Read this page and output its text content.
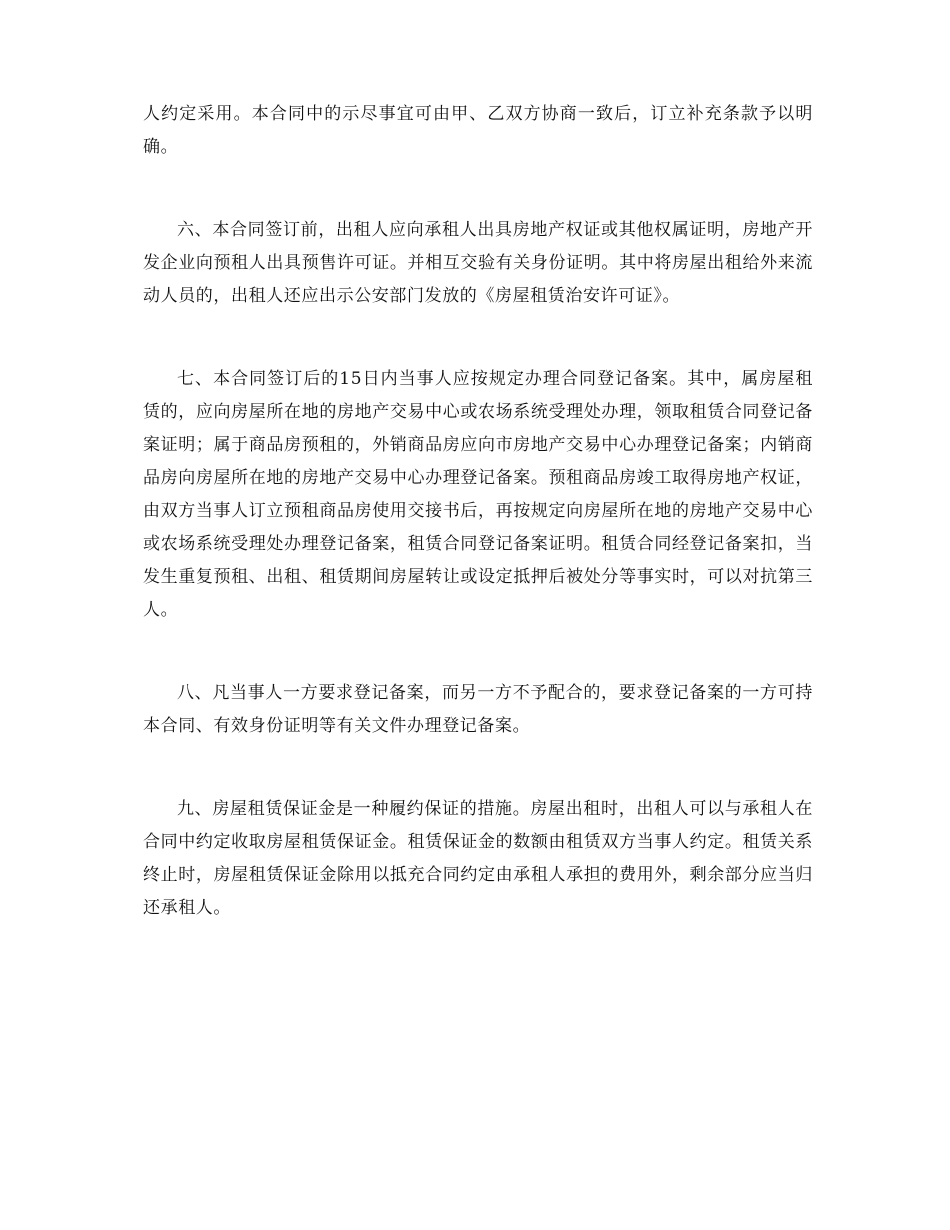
人约定采用。本合同中的示尽事宜可由甲、乙双方协商一致后，订立补充条款予以明确。

六、本合同签订前，出租人应向承租人出具房地产权证或其他权属证明，房地产开发企业向预租人出具预售许可证。并相互交验有关身份证明。其中将房屋出租给外来流动人员的，出租人还应出示公安部门发放的《房屋租赁治安许可证》。

七、本合同签订后的15日内当事人应按规定办理合同登记备案。其中，属房屋租赁的，应向房屋所在地的房地产交易中心或农场系统受理处办理，领取租赁合同登记备案证明；属于商品房预租的，外销商品房应向市房地产交易中心办理登记备案；内销商品房向房屋所在地的房地产交易中心办理登记备案。预租商品房竣工取得房地产权证，由双方当事人订立预租商品房使用交接书后，再按规定向房屋所在地的房地产交易中心或农场系统受理处办理登记备案，租赁合同登记备案证明。租赁合同经登记备案扣，当发生重复预租、出租、租赁期间房屋转让或设定抵押后被处分等事实时，可以对抗第三人。

八、凡当事人一方要求登记备案，而另一方不予配合的，要求登记备案的一方可持本合同、有效身份证明等有关文件办理登记备案。

九、房屋租赁保证金是一种履约保证的措施。房屋出租时，出租人可以与承租人在合同中约定收取房屋租赁保证金。租赁保证金的数额由租赁双方当事人约定。租赁关系终止时，房屋租赁保证金除用以抵充合同约定由承租人承担的费用外，剩余部分应当归还承租人。
